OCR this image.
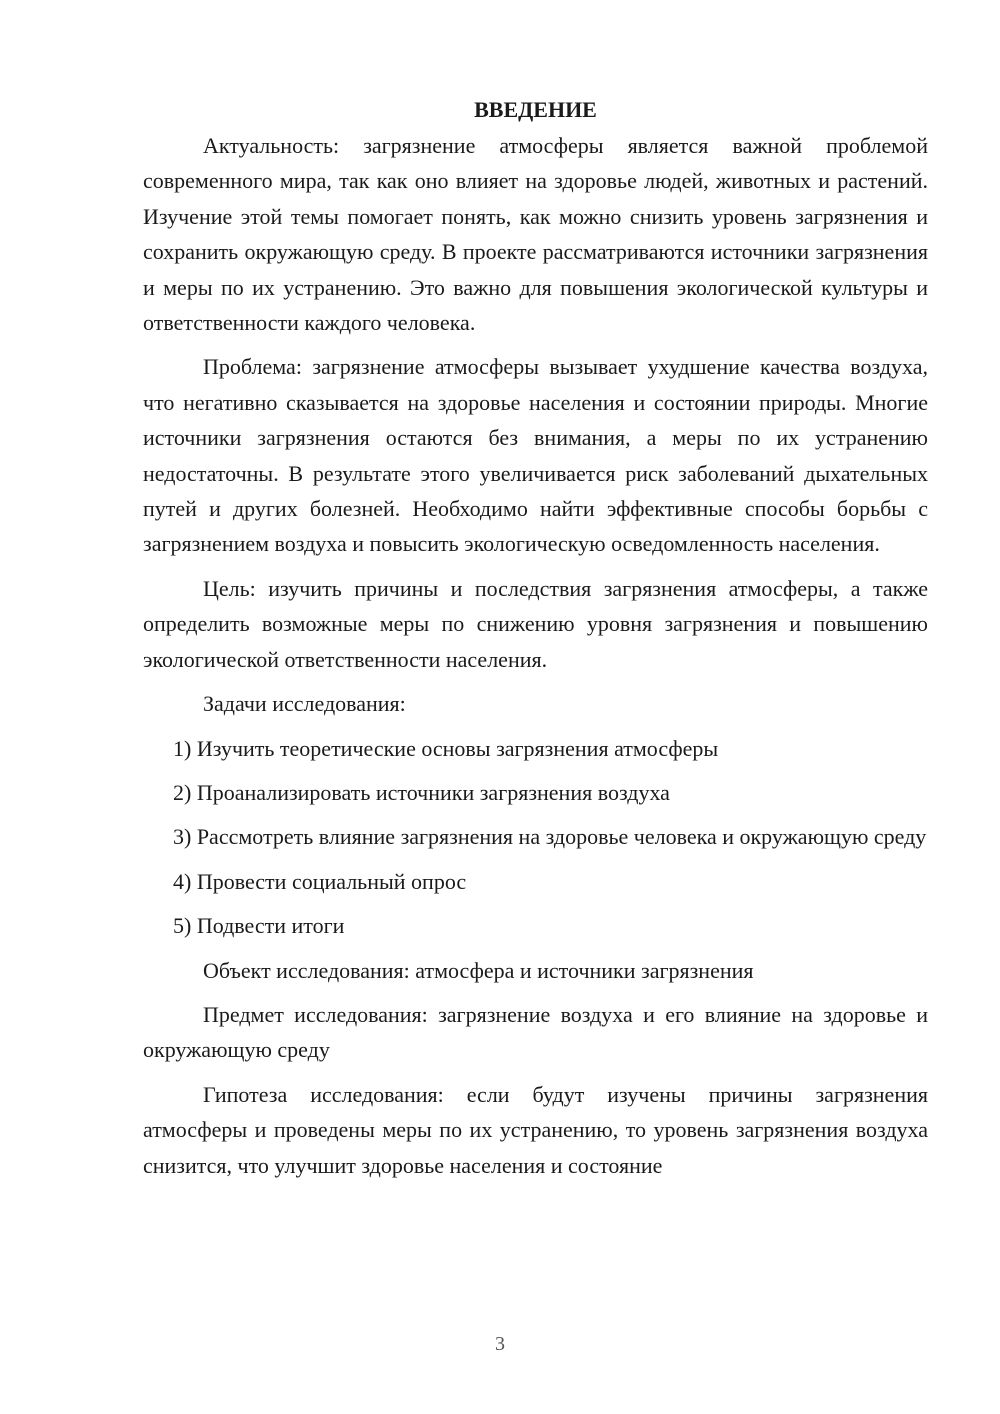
ВВЕДЕНИЕ

Актуальность: загрязнение атмосферы является важной проблемой современного мира, так как оно влияет на здоровье людей, животных и растений. Изучение этой темы помогает понять, как можно снизить уровень загрязнения и сохранить окружающую среду. В проекте рассматриваются источники загрязнения и меры по их устранению. Это важно для повышения экологической культуры и ответственности каждого человека.

Проблема: загрязнение атмосферы вызывает ухудшение качества воздуха, что негативно сказывается на здоровье населения и состоянии природы. Многие источники загрязнения остаются без внимания, а меры по их устранению недостаточны. В результате этого увеличивается риск заболеваний дыхательных путей и других болезней. Необходимо найти эффективные способы борьбы с загрязнением воздуха и повысить экологическую осведомленность населения.

Цель: изучить причины и последствия загрязнения атмосферы, а также определить возможные меры по снижению уровня загрязнения и повышению экологической ответственности населения.

Задачи исследования:

1) Изучить теоретические основы загрязнения атмосферы

2) Проанализировать источники загрязнения воздуха

3) Рассмотреть влияние загрязнения на здоровье человека и окружающую среду

4) Провести социальный опрос

5) Подвести итоги

Объект исследования: атмосфера и источники загрязнения

Предмет исследования: загрязнение воздуха и его влияние на здоровье и окружающую среду

Гипотеза исследования: если будут изучены причины загрязнения атмосферы и проведены меры по их устранению, то уровень загрязнения воздуха снизится, что улучшит здоровье населения и состояние

3
